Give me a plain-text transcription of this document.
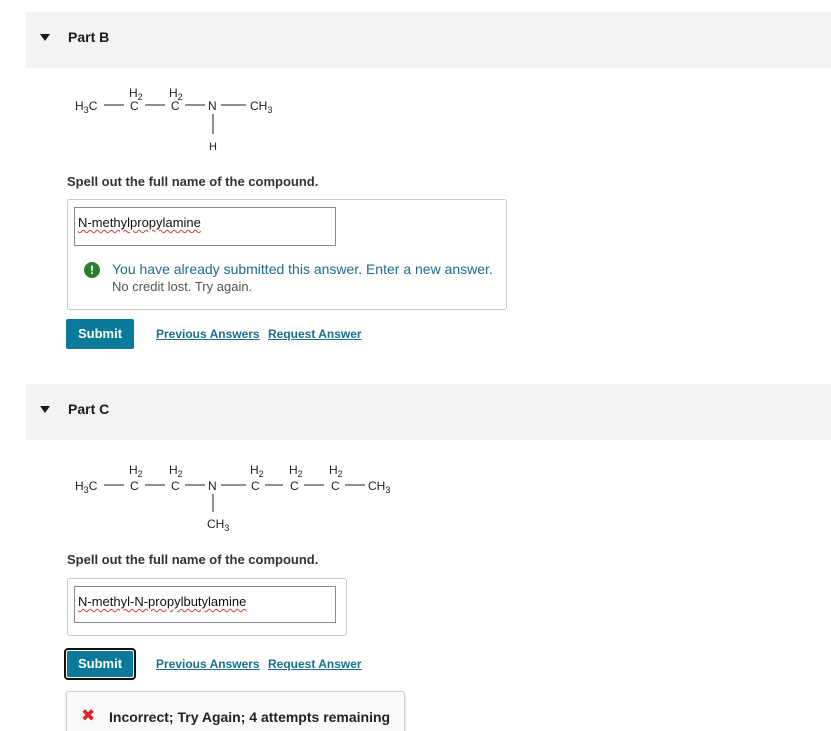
Part B
$H_3C$
$H_2$
C
$H_2$
C N	$CH_3$
H
Spell out the full name of the compound.
N-methylpropylamine
!	You have already submitted this answer. Enter a new answer.
No credit lost. Try again.
Submit	Previous Answers Request Answer
Part C
$H_3C$
$H_2$
C
$H_2$
C N
$H_2$
C
$H_2$
C
$H_2$
C $CH_3$
$CH_3$
Spell out the full name of the compound.
N-methyl-N-propylbutylamine
Submit	Previous Answers Request Answer
✖ Incorrect; Try Again; 4 attempts remaining
